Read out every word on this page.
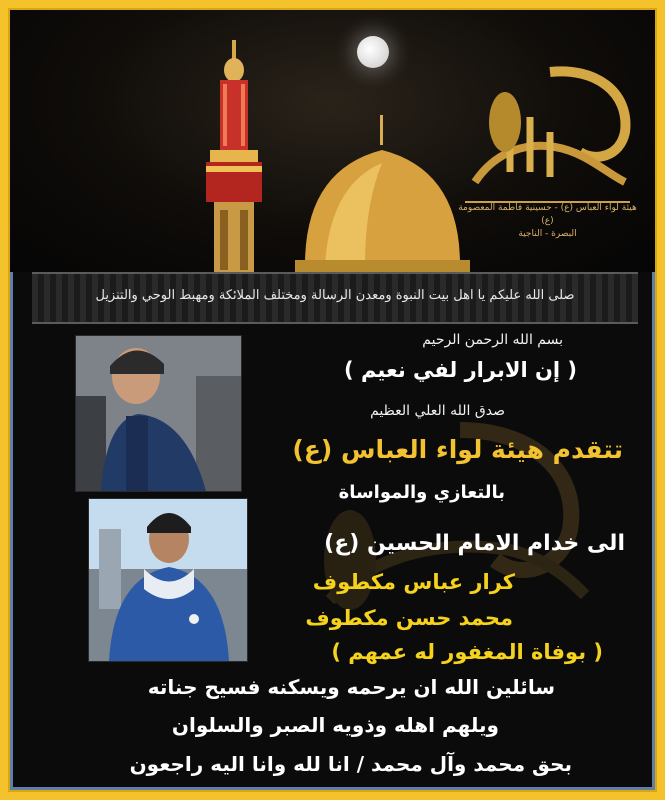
هيئة لواء العباس (ع) - حسينية فاطمة المعصومة (ع)
البصرة - الناجية
صلى الله عليكم يا اهل بيت النبوة ومعدن الرسالة ومختلف الملائكة ومهبط الوحي والتنزيل
بسم الله الرحمن الرحيم
( إن الابرار لفي نعيم )
صدق الله العلي العظيم
تتقدم هيئة لواء العباس (ع)
بالتعازي والمواساة
الى خدام الامام الحسين (ع)
كرار عباس مكطوف
محمد حسن مكطوف
( بوفاة المغفور له عمهم )
سائلين الله ان يرحمه ويسكنه فسيح جناته
ويلهم اهله وذويه الصبر والسلوان
بحق محمد وآل محمد / انا لله وانا اليه راجعون
